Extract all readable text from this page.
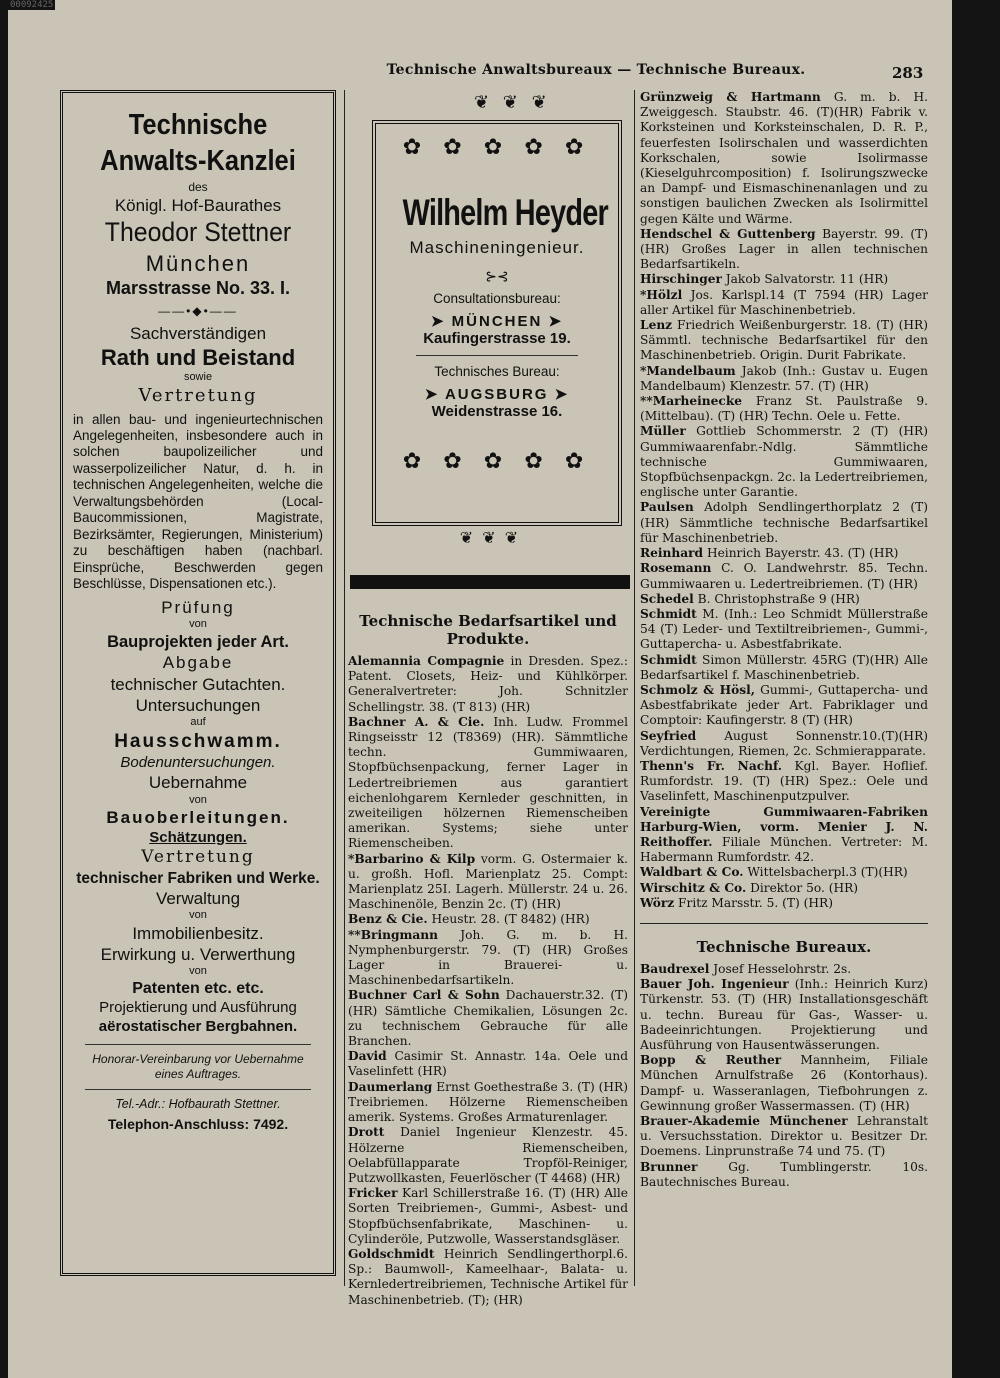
Technische Anwaltsbureaux — Technische Bureaux.	283
Technische
Anwalts-Kanzlei
des
Königl. Hof-Baurathes
Theodor Stettner
München
Marsstrasse No. 33. I.
——•◆•——
Sachverständigen
Rath und Beistand
sowie
Vertretung
in allen bau- und ingenieurtechnischen Angelegenheiten, insbesondere auch in solchen baupolizeilicher und wasserpolizeilicher Natur, d. h. in technischen Angelegenheiten, welche die Verwaltungsbehörden (Local-Baucommissionen, Magistrate, Bezirksämter, Regierungen, Ministerium) zu beschäftigen haben (nachbarl. Einsprüche, Beschwerden gegen Beschlüsse, Dispensationen etc.).
Prüfung
von
Bauprojekten jeder Art.
Abgabe
technischer Gutachten.
Untersuchungen
auf
Hausschwamm.
Bodenuntersuchungen.
Uebernahme
von
Bauoberleitungen.
Schätzungen.
Vertretung
technischer Fabriken und Werke.
Verwaltung
von
Immobilienbesitz.
Erwirkung u. Verwerthung
von
Patenten etc. etc.
Projektierung und Ausführung
aërostatischer Bergbahnen.
Honorar-Vereinbarung vor Uebernahme eines Auftrages.
Tel.-Adr.: Hofbaurath Stettner.
Telephon-Anschluss: 7492.
❦ ❦ ❦
✿ ✿ ✿ ✿ ✿
Wilhelm Heyder
Maschineningenieur.
⊱⊰
Consultationsbureau:
➤ MÜNCHEN ➤
Kaufingerstrasse 19.
Technisches Bureau:
➤ AUGSBURG ➤
Weidenstrasse 16.
✿ ✿ ✿ ✿ ✿
❦ ❦ ❦
Technische Bedarfsartikel und Produkte.

Alemannia Compagnie in Dresden. Spez.: Patent. Closets, Heiz- und Kühlkörper. Generalvertreter: Joh. Schnitzler Schellingstr. 38. (T 813) (HR)

Bachner A. & Cie. Inh. Ludw. Frommel Ringseisstr 12 (T8369) (HR). Sämmtliche techn. Gummiwaaren, Stopfbüchsenpackung, ferner Lager in Ledertreibriemen aus garantiert eichenlohgarem Kernleder geschnitten, in zweiteiligen hölzernen Riemenscheiben amerikan. Systems; siehe unter Riemenscheiben.

*Barbarino & Kilp vorm. G. Ostermaier k. u. großh. Hofl. Marienplatz 25. Compt: Marienplatz 25I. Lagerh. Müllerstr. 24 u. 26. Maschinenöle, Benzin 2c. (T) (HR)

Benz & Cie. Heustr. 28. (T 8482) (HR)

**Bringmann Joh. G. m. b. H. Nymphenburgerstr. 79. (T) (HR) Großes Lager in Brauerei- u. Maschinenbedarfsartikeln.

Buchner Carl & Sohn Dachauerstr.32. (T)(HR) Sämtliche Chemikalien, Lösungen 2c. zu technischem Gebrauche für alle Branchen.

David Casimir St. Annastr. 14a. Oele und Vaselinfett (HR)

Daumerlang Ernst Goethestraße 3. (T) (HR) Treibriemen. Hölzerne Riemenscheiben amerik. Systems. Großes Armaturenlager.

Drott Daniel Ingenieur Klenzestr. 45. Hölzerne Riemenscheiben, Oelabfüllapparate Tropföl-Reiniger, Putzwollkasten, Feuerlöscher (T 4468) (HR)

Fricker Karl Schillerstraße 16. (T) (HR) Alle Sorten Treibriemen-, Gummi-, Asbest- und Stopfbüchsenfabrikate, Maschinen- u. Cylinderöle, Putzwolle, Wasserstandsgläser.

Goldschmidt Heinrich Sendlingerthorpl.6. Sp.: Baumwoll-, Kameelhaar-, Balata- u. Kernledertreibriemen, Technische Artikel für Maschinenbetrieb. (T); (HR)

Grünzweig & Hartmann G. m. b. H. Zweiggesch. Staubstr. 46. (T)(HR) Fabrik v. Korksteinen und Korksteinschalen, D. R. P., feuerfesten Isolirschalen und wasserdichten Korkschalen, sowie Isolirmasse (Kieselguhrcomposition) f. Isolirungszwecke an Dampf- und Eismaschinenanlagen und zu sonstigen baulichen Zwecken als Isolirmittel gegen Kälte und Wärme.

Hendschel & Guttenberg Bayerstr. 99. (T) (HR) Großes Lager in allen technischen Bedarfsartikeln.

Hirschinger Jakob Salvatorstr. 11 (HR)

*Hölzl Jos. Karlspl.14 (T 7594 (HR) Lager aller Artikel für Maschinenbetrieb.

Lenz Friedrich Weißenburgerstr. 18. (T) (HR) Sämmtl. technische Bedarfsartikel für den Maschinenbetrieb. Origin. Durit Fabrikate.

*Mandelbaum Jakob (Inh.: Gustav u. Eugen Mandelbaum) Klenzestr. 57. (T) (HR)

**Marheinecke Franz St. Paulstraße 9. (Mittelbau). (T) (HR) Techn. Oele u. Fette.

Müller Gottlieb Schommerstr. 2 (T) (HR) Gummiwaarenfabr.-Ndlg. Sämmtliche technische Gummiwaaren, Stopfbüchsenpackgn. 2c. la Ledertreibriemen, englische unter Garantie.

Paulsen Adolph Sendlingerthorplatz 2 (T) (HR) Sämmtliche technische Bedarfsartikel für Maschinenbetrieb.

Reinhard Heinrich Bayerstr. 43. (T) (HR)

Rosemann C. O. Landwehrstr. 85. Techn. Gummiwaaren u. Ledertreibriemen. (T) (HR)

Schedel B. Christophstraße 9 (HR)

Schmidt M. (Inh.: Leo Schmidt Müllerstraße 54 (T) Leder- und Textiltreibriemen-, Gummi-, Guttapercha- u. Asbestfabrikate.

Schmidt Simon Müllerstr. 45RG (T)(HR) Alle Bedarfsartikel f. Maschinenbetrieb.

Schmolz & Hösl, Gummi-, Guttapercha- und Asbestfabrikate jeder Art. Fabriklager und Comptoir: Kaufingerstr. 8 (T) (HR)

Seyfried August Sonnenstr.10.(T)(HR) Verdichtungen, Riemen, 2c. Schmierapparate.

Thenn's Fr. Nachf. Kgl. Bayer. Hoflief. Rumfordstr. 19. (T) (HR) Spez.: Oele und Vaselinfett, Maschinenputzpulver.

Vereinigte Gummiwaaren-Fabriken Harburg-Wien, vorm. Menier J. N. Reithoffer. Filiale München. Vertreter: M. Habermann Rumfordstr. 42.

Waldbart & Co. Wittelsbacherpl.3 (T)(HR)

Wirschitz & Co. Direktor 5o. (HR)

Wörz Fritz Marsstr. 5. (T) (HR)

Technische Bureaux.

Baudrexel Josef Hesselohrstr. 2s.

Bauer Joh. Ingenieur (Inh.: Heinrich Kurz) Türkenstr. 53. (T) (HR) Installationsgeschäft u. techn. Bureau für Gas-, Wasser- u. Badeeinrichtungen. Projektierung und Ausführung von Hausentwässerungen.

Bopp & Reuther Mannheim, Filiale München Arnulfstraße 26 (Kontorhaus). Dampf- u. Wasseranlagen, Tiefbohrungen z. Gewinnung großer Wassermassen. (T) (HR)

Brauer-Akademie Münchener Lehranstalt u. Versuchsstation. Direktor u. Besitzer Dr. Doemens. Linprunstraße 74 und 75. (T)

Brunner	Gg. Tumblingerstr. 10s. Bautechnisches Bureau.

00092425
